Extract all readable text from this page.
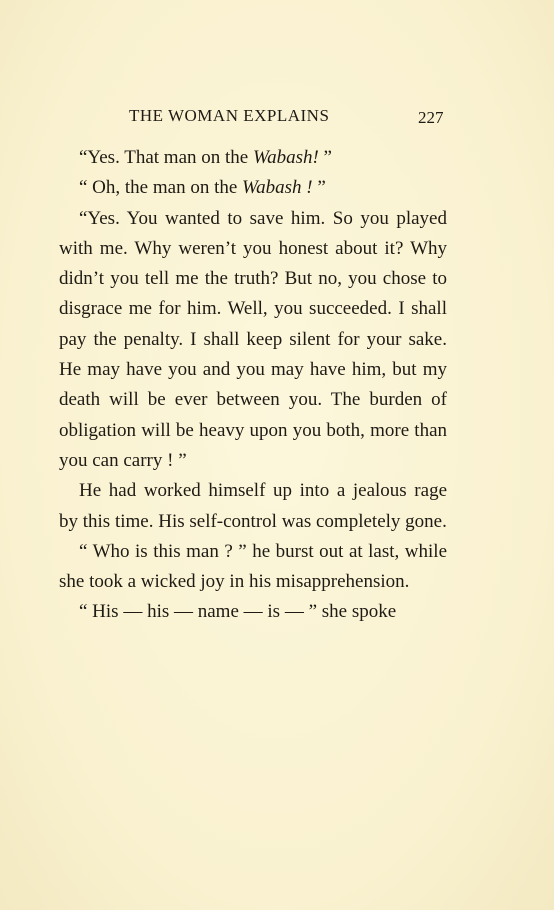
THE WOMAN EXPLAINS	227

“Yes. That man on the Wabash! ”

“ Oh, the man on the Wabash ! ”

“Yes. You wanted to save him. So you played with me. Why weren’t you honest about it? Why didn’t you tell me the truth? But no, you chose to disgrace me for him. Well, you succeeded. I shall pay the penalty. I shall keep silent for your sake. He may have you and you may have him, but my death will be ever between you. The burden of obligation will be heavy upon you both, more than you can carry ! ”

He had worked himself up into a jealous rage by this time. His self-control was completely gone.

“ Who is this man ? ” he burst out at last, while she took a wicked joy in his misapprehension.

“ His — his — name — is — ” she spoke
